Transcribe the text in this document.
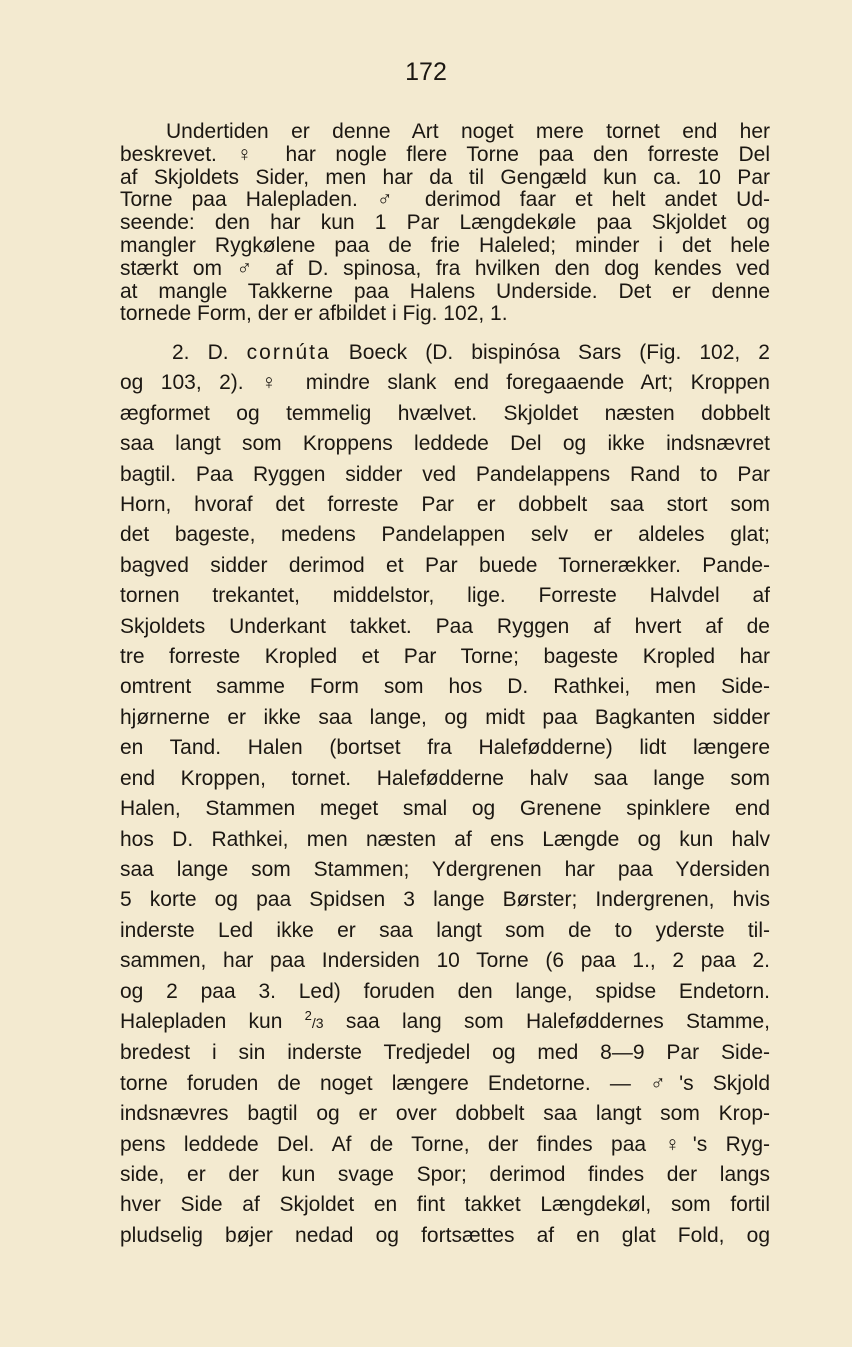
172
Undertiden er denne Art noget mere tornet end her
beskrevet. ♀ har nogle flere Torne paa den forreste Del
af Skjoldets Sider, men har da til Gengæld kun ca. 10 Par
Torne paa Halepladen. ♂ derimod faar et helt andet Ud-
seende: den har kun 1 Par Længdekøle paa Skjoldet og
mangler Rygkølene paa de frie Haleled; minder i det hele
stærkt om ♂ af D. spinosa, fra hvilken den dog kendes ved
at mangle Takkerne paa Halens Underside. Det er denne
tornede Form, der er afbildet i Fig. 102, 1.
2. D. cornúta Boeck (D. bispinósa Sars (Fig. 102, 2
og 103, 2). ♀ mindre slank end foregaaende Art; Kroppen
ægformet og temmelig hvælvet. Skjoldet næsten dobbelt
saa langt som Kroppens leddede Del og ikke indsnævret
bagtil. Paa Ryggen sidder ved Pandelappens Rand to Par
Horn, hvoraf det forreste Par er dobbelt saa stort som
det bageste, medens Pandelappen selv er aldeles glat;
bagved sidder derimod et Par buede Tornerækker. Pande-
tornen trekantet, middelstor, lige. Forreste Halvdel af
Skjoldets Underkant takket. Paa Ryggen af hvert af de
tre forreste Kropled et Par Torne; bageste Kropled har
omtrent samme Form som hos D. Rathkei, men Side-
hjørnerne er ikke saa lange, og midt paa Bagkanten sidder
en Tand. Halen (bortset fra Halefødderne) lidt længere
end Kroppen, tornet. Halefødderne halv saa lange som
Halen, Stammen meget smal og Grenene spinklere end
hos D. Rathkei, men næsten af ens Længde og kun halv
saa lange som Stammen; Ydergrenen har paa Ydersiden
5 korte og paa Spidsen 3 lange Børster; Indergrenen, hvis
inderste Led ikke er saa langt som de to yderste til-
sammen, har paa Indersiden 10 Torne (6 paa 1., 2 paa 2.
og 2 paa 3. Led) foruden den lange, spidse Endetorn.
Halepladen kun $^2$/3 saa lang som Haleføddernes Stamme,
bredest i sin inderste Tredjedel og med 8—9 Par Side-
torne foruden de noget længere Endetorne. — ♂'s Skjold
indsnævres bagtil og er over dobbelt saa langt som Krop-
pens leddede Del. Af de Torne, der findes paa ♀'s Ryg-
side, er der kun svage Spor; derimod findes der langs
hver Side af Skjoldet en fint takket Længdekøl, som fortil
pludselig bøjer nedad og fortsættes af en glat Fold, og
